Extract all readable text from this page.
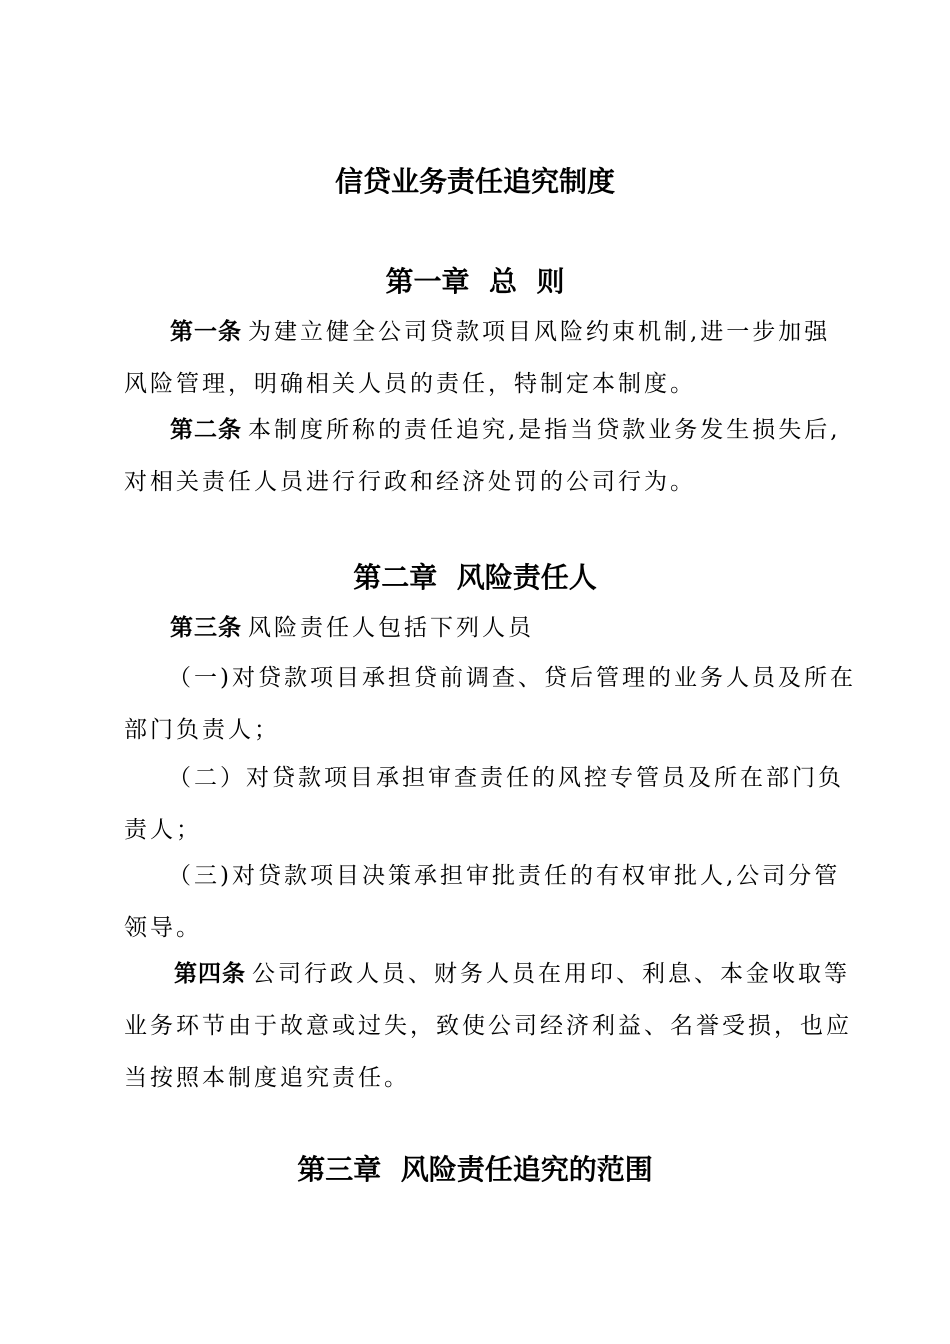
信贷业务责任追究制度
第一章  总  则
第一条 为建立健全公司贷款项目风险约束机制,进一步加强
风险管理，明确相关人员的责任，特制定本制度。
第二条 本制度所称的责任追究,是指当贷款业务发生损失后,
对相关责任人员进行行政和经济处罚的公司行为。
第二章  风险责任人
第三条 风险责任人包括下列人员
（一)对贷款项目承担贷前调查、贷后管理的业务人员及所在
部门负责人；
（二）对贷款项目承担审查责任的风控专管员及所在部门负
责人；
（三)对贷款项目决策承担审批责任的有权审批人,公司分管
领导。
第四条 公司行政人员、财务人员在用印、利息、本金收取等
业务环节由于故意或过失，致使公司经济利益、名誉受损，也应
当按照本制度追究责任。
第三章  风险责任追究的范围
